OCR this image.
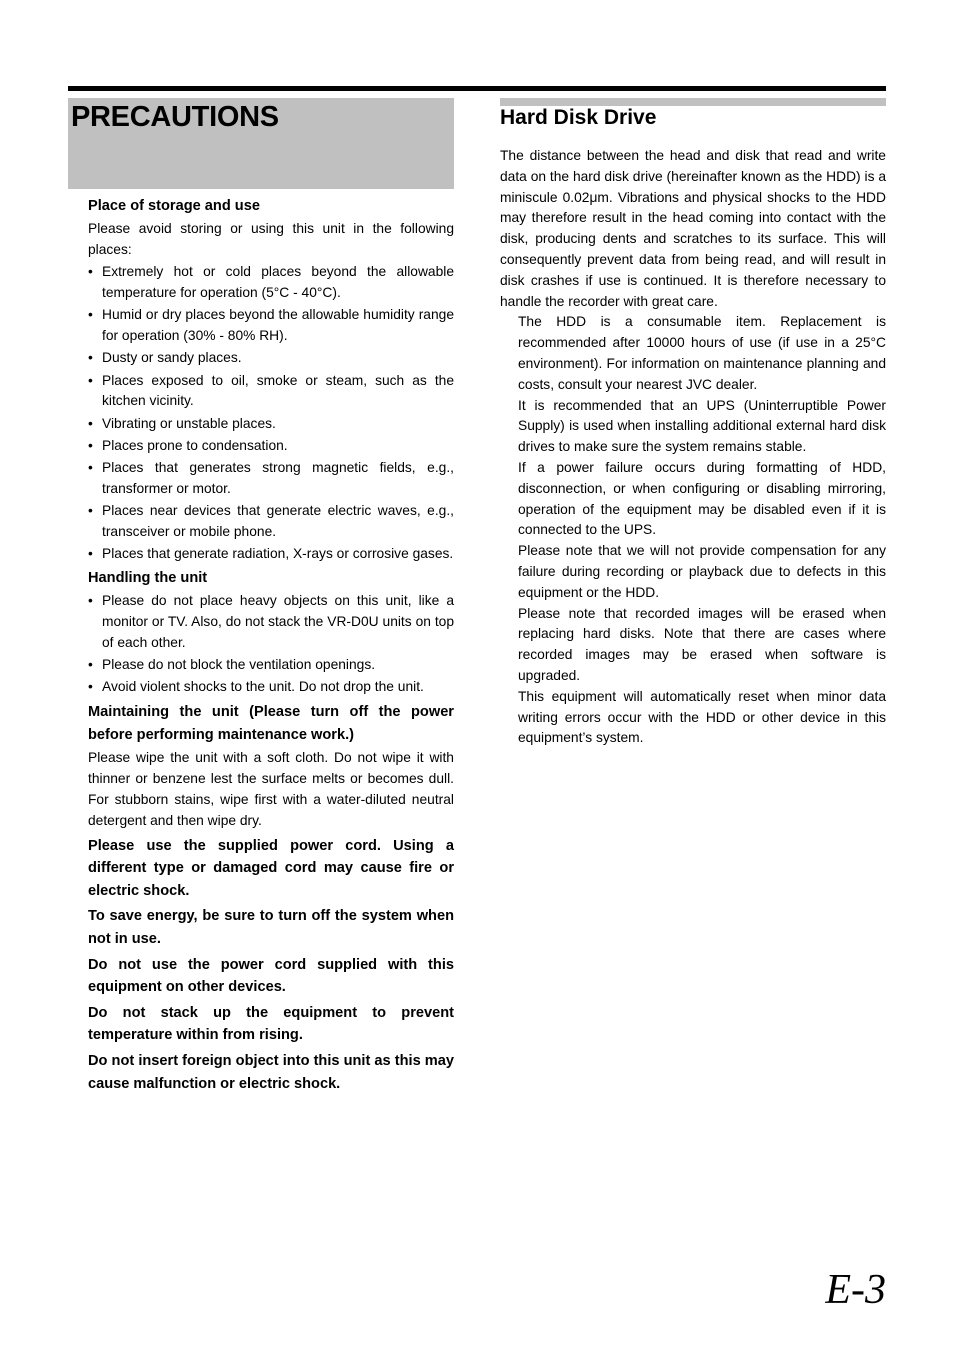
PRECAUTIONS	Hard Disk Drive
Place of storage and use

Please avoid storing or using this unit in the following places:

• Extremely hot or cold places beyond the allowable temperature for operation (5°C - 40°C).
• Humid or dry places beyond the allowable humidity range for operation (30% - 80% RH).
• Dusty or sandy places.
• Places exposed to oil, smoke or steam, such as the kitchen vicinity.
• Vibrating or unstable places.
• Places prone to condensation.
• Places that generates strong magnetic fields, e.g., transformer or motor.
• Places near devices that generate electric waves, e.g., transceiver or mobile phone.
• Places that generate radiation, X-rays or corrosive gases.
Handling the unit
• Please do not place heavy objects on this unit, like a monitor or TV. Also, do not stack the VR-D0U units on top of each other.
• Please do not block the ventilation openings.
• Avoid violent shocks to the unit. Do not drop the unit.

Maintaining the unit (Please turn off the power before performing maintenance work.)

Please wipe the unit with a soft cloth. Do not wipe it with thinner or benzene lest the surface melts or becomes dull. For stubborn stains, wipe first with a water-diluted neutral detergent and then wipe dry.

Please use the supplied power cord. Using a different type or damaged cord may cause fire or electric shock.

To save energy, be sure to turn off the system when not in use.

Do not use the power cord supplied with this equipment on other devices.

Do not stack up the equipment to prevent temperature within from rising.

Do not insert foreign object into this unit as this may cause malfunction or electric shock.

The distance between the head and disk that read and write data on the hard disk drive (hereinafter known as the HDD) is a miniscule 0.02μm. Vibrations and physical shocks to the HDD may therefore result in the head coming into contact with the disk, producing dents and scratches to its surface. This will consequently prevent data from being read, and will result in disk crashes if use is continued. It is therefore necessary to handle the recorder with great care.

The HDD is a consumable item. Replacement is recommended after 10000 hours of use (if use in a 25°C environment). For information on maintenance planning and costs, consult your nearest JVC dealer.

It is recommended that an UPS (Uninterruptible Power Supply) is used when installing additional external hard disk drives to make sure the system remains stable.

If a power failure occurs during formatting of HDD, disconnection, or when configuring or disabling mirroring, operation of the equipment may be disabled even if it is connected to the UPS.

Please note that we will not provide compensation for any failure during recording or playback due to defects in this equipment or the HDD.

Please note that recorded images will be erased when replacing hard disks. Note that there are cases where recorded images may be erased when software is upgraded.

This equipment will automatically reset when minor data writing errors occur with the HDD or other device in this equipment’s system.

E-3
